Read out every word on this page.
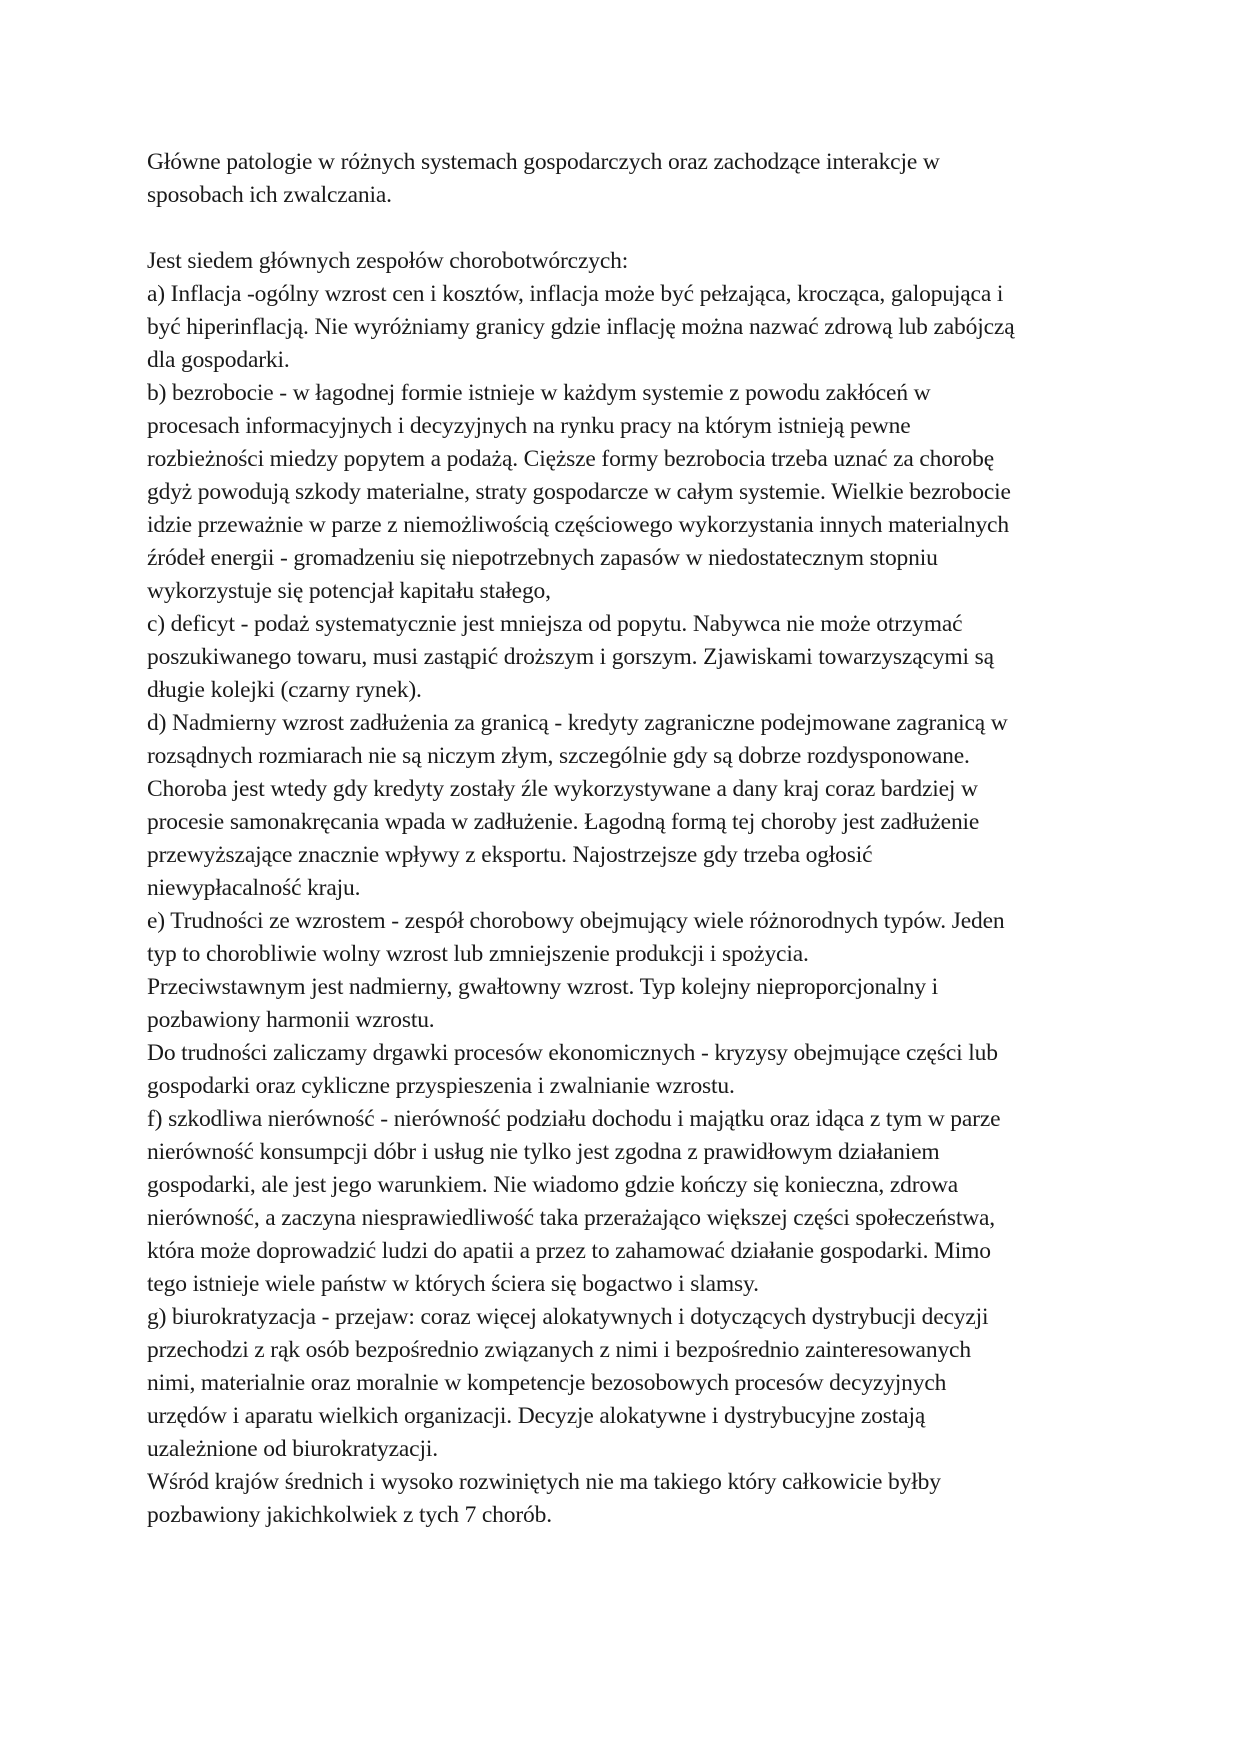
Główne patologie w różnych systemach gospodarczych oraz zachodzące interakcje w
sposobach ich zwalczania.
Jest siedem głównych zespołów chorobotwórczych:
a) Inflacja -ogólny wzrost cen i kosztów, inflacja może być pełzająca, krocząca, galopująca i
być hiperinflacją. Nie wyróżniamy granicy gdzie inflację można nazwać zdrową lub zabójczą
dla gospodarki.
b) bezrobocie - w łagodnej formie istnieje w każdym systemie z powodu zakłóceń w
procesach informacyjnych i decyzyjnych na rynku pracy na którym istnieją pewne
rozbieżności miedzy popytem a podażą. Cięższe formy bezrobocia trzeba uznać za chorobę
gdyż powodują szkody materialne, straty gospodarcze w całym systemie. Wielkie bezrobocie
idzie przeważnie w parze z niemożliwością częściowego wykorzystania innych materialnych
źródeł energii - gromadzeniu się niepotrzebnych zapasów w niedostatecznym stopniu
wykorzystuje się potencjał kapitału stałego,
c) deficyt - podaż systematycznie jest mniejsza od popytu. Nabywca nie może otrzymać
poszukiwanego towaru, musi zastąpić droższym i gorszym. Zjawiskami towarzyszącymi są
długie kolejki (czarny rynek).
d) Nadmierny wzrost zadłużenia za granicą - kredyty zagraniczne podejmowane zagranicą w
rozsądnych rozmiarach nie są niczym złym, szczególnie gdy są dobrze rozdysponowane.
Choroba jest wtedy gdy kredyty zostały źle wykorzystywane a dany kraj coraz bardziej w
procesie samonakręcania wpada w zadłużenie. Łagodną formą tej choroby jest zadłużenie
przewyższające znacznie wpływy z eksportu. Najostrzejsze gdy trzeba ogłosić
niewypłacalność kraju.
e) Trudności ze wzrostem - zespół chorobowy obejmujący wiele różnorodnych typów. Jeden
typ to chorobliwie wolny wzrost lub zmniejszenie produkcji i spożycia.
Przeciwstawnym jest nadmierny, gwałtowny wzrost. Typ kolejny nieproporcjonalny i
pozbawiony harmonii wzrostu.
Do trudności zaliczamy drgawki procesów ekonomicznych - kryzysy obejmujące części lub
gospodarki oraz cykliczne przyspieszenia i zwalnianie wzrostu.
f) szkodliwa nierówność - nierówność podziału dochodu i majątku oraz idąca z tym w parze
nierówność konsumpcji dóbr i usług nie tylko jest zgodna z prawidłowym działaniem
gospodarki, ale jest jego warunkiem. Nie wiadomo gdzie kończy się konieczna, zdrowa
nierówność, a zaczyna niesprawiedliwość taka przerażająco większej części społeczeństwa,
która może doprowadzić ludzi do apatii a przez to zahamować działanie gospodarki. Mimo
tego istnieje wiele państw w których ściera się bogactwo i slamsy.
g) biurokratyzacja - przejaw: coraz więcej alokatywnych i dotyczących dystrybucji decyzji
przechodzi z rąk osób bezpośrednio związanych z nimi i bezpośrednio zainteresowanych
nimi, materialnie oraz moralnie w kompetencje bezosobowych procesów decyzyjnych
urzędów i aparatu wielkich organizacji. Decyzje alokatywne i dystrybucyjne zostają
uzależnione od biurokratyzacji.
Wśród krajów średnich i wysoko rozwiniętych nie ma takiego który całkowicie byłby
pozbawiony jakichkolwiek z tych 7 chorób.
